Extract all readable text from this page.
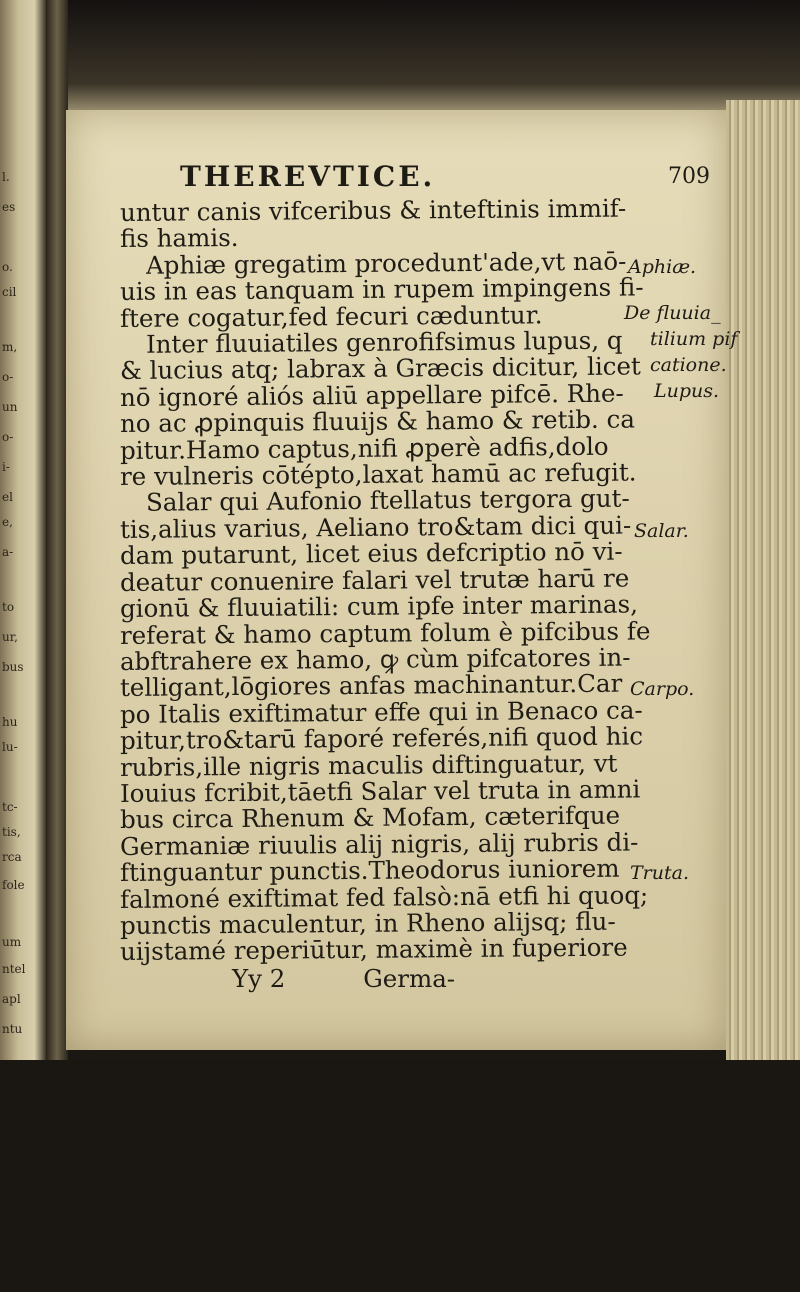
l.
es
o.
cil
m,
o-
un
o-
i-
el
e,
a-
to
ur,
bus
hu
lu-
tc-
tis,
rca
fole
um
ntel
apl
ntu
THEREVTICE.	709
untur canis vifceribus & inteftinis immif-
fis hamis.
Aphiæ gregatim procedunt'ade,vt naō-
uis in eas tanquam in rupem impingens fi-
ftere cogatur,fed fecuri cæduntur.
Inter fluuiatiles genrofifsimus lupus, q
& lucius atq; labrax à Græcis dicitur, licet
nō ignoré aliós aliū appellare pifcē. Rhe-
no ac ꝓpinquis fluuijs & hamo & retib. ca
pitur.Hamo captus,nifi ꝓperè adfis,dolo
re vulneris cōtépto,laxat hamū ac refugit.
Salar qui Aufonio ftellatus tergora gut-
tis,alius varius, Aeliano tro&tam dici qui-
dam putarunt, licet eius defcriptio nō vi-
deatur conuenire falari vel trutæ harū re
gionū & fluuiatili: cum ipfe inter marinas,
referat & hamo captum folum è pifcibus fe
abftrahere ex hamo, ꝙ cùm pifcatores in-
telligant,lōgiores anfas machinantur.Car
po Italis exiftimatur effe qui in Benaco ca-
pitur,tro&tarū faporé referés,nifi quod hic
rubris,ille nigris maculis diftinguatur, vt
Iouius fcribit,tāetfi Salar vel truta in amni
bus circa Rhenum & Mofam, cæterifque
Germaniæ riuulis alij nigris, alij rubris di-
ftinguantur punctis.Theodorus iuniorem
falmoné exiftimat fed falsò:nā etfi hi quoq;
punctis maculentur, in Rheno alijsq; flu-
uijstamé reperiūtur, maximè in fuperiore
Yy 2	Germa-
Aphiæ.
De fluuia_
tilium pif
catione.
Lupus.
Salar.
Carpo.
Truta.
